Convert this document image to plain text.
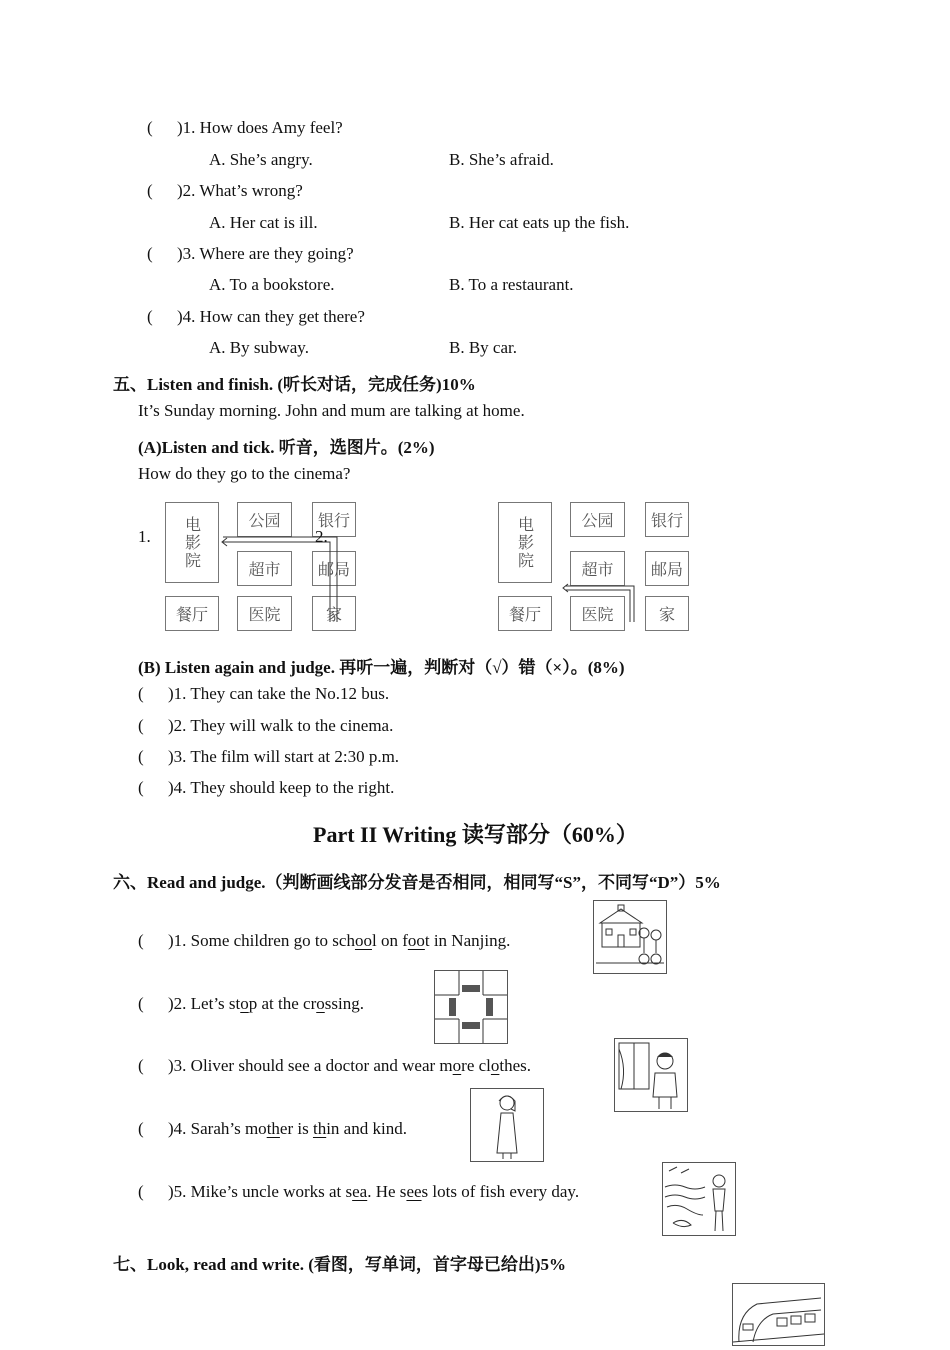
( )1. How does Amy feel?
A. She’s angry.	B. She’s afraid.
( )2. What’s wrong?
A. Her cat is ill.	B. Her cat eats up the fish.
( )3. Where are they going?
A. To a bookstore.	B. To a restaurant.
( )4. How can they get there?
A. By subway.	B. By car.
五、Listen and finish. (听长对话，完成任务)10%
It’s Sunday morning. John and mum are talking at home.
(A)Listen and tick. 听音，选图片。(2%)
How do they go to the cinema?
1. 电影院	公园	银行
超市	邮局
餐厅	医院	家
2.	电影院	公园	银行
超市	邮局
餐厅	医院	家
(B) Listen again and judge. 再听一遍，判断对（√）错（×）。(8%)
( )1. They can take the No.12 bus.
( )2. They will walk to the cinema.
( )3. The film will start at 2:30 p.m.
( )4. They should keep to the right.
Part II Writing 读写部分（60%）
六、Read and judge.（判断画线部分发音是否相同，相同写“S”，不同写“D”）5%
( )1. Some children go to school on foot in Nanjing.
( )2. Let’s stop at the crossing.
( )3. Oliver should see a doctor and wear more clothes.
( )4. Sarah’s mother is thin and kind.
( )5. Mike’s uncle works at sea. He sees lots of fish every day.
七、Look, read and write. (看图，写单词，首字母已给出)5%
